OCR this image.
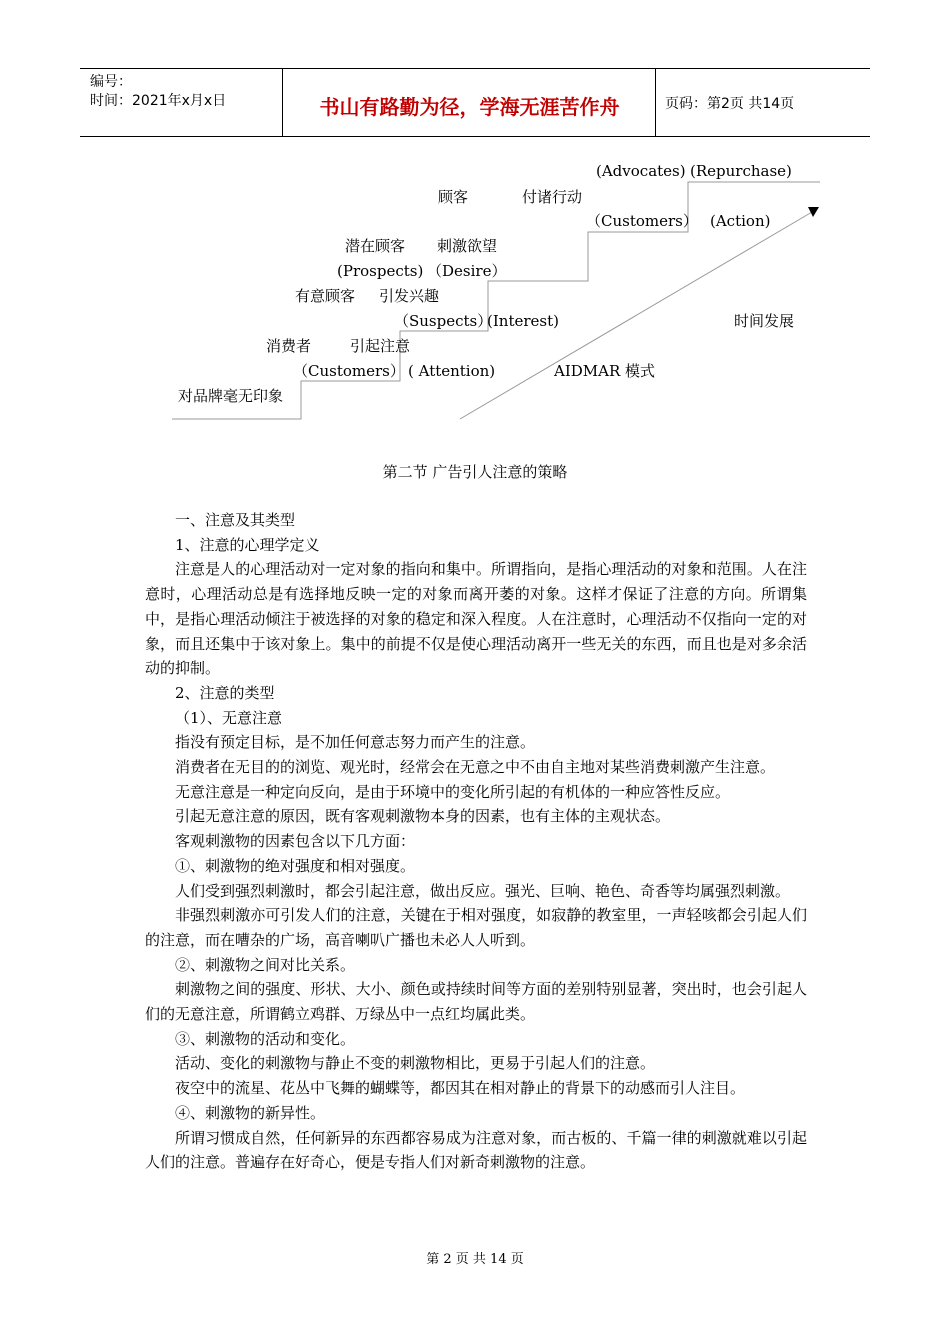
编号：
时间：2021年x月x日	书山有路勤为径，学海无涯苦作舟	页码：第2页 共14页
(Advocates) (Repurchase)
顾客	付诸行动
（Customers） (Action)
潜在顾客 刺激欲望
(Prospects) （Desire）
有意顾客 引发兴趣
（Suspects）
(Interest)	时间发展
消费者	引起注意
（Customers） ( Attention)	AIDMAR 模式
对品牌毫无印象
第二节 广告引人注意的策略

一、注意及其类型

1、注意的心理学定义

注意是人的心理活动对一定对象的指向和集中。所谓指向，是指心理活动的对象和范围。人在注意时，心理活动总是有选择地反映一定的对象而离开萎的对象。这样才保证了注意的方向。所谓集中，是指心理活动倾注于被选择的对象的稳定和深入程度。人在注意时，心理活动不仅指向一定的对象，而且还集中于该对象上。集中的前提不仅是使心理活动离开一些无关的东西，而且也是对多余活动的抑制。

2、注意的类型

（1）、无意注意

指没有预定目标，是不加任何意志努力而产生的注意。

消费者在无目的的浏览、观光时，经常会在无意之中不由自主地对某些消费刺激产生注意。

无意注意是一种定向反向，是由于环境中的变化所引起的有机体的一种应答性反应。

引起无意注意的原因，既有客观刺激物本身的因素，也有主体的主观状态。

客观刺激物的因素包含以下几方面：

①、刺激物的绝对强度和相对强度。

人们受到强烈刺激时，都会引起注意，做出反应。强光、巨响、艳色、奇香等均属强烈刺激。

非强烈刺激亦可引发人们的注意，关键在于相对强度，如寂静的教室里，一声轻咳都会引起人们的注意，而在嘈杂的广场，高音喇叭广播也未必人人听到。

②、刺激物之间对比关系。

刺激物之间的强度、形状、大小、颜色或持续时间等方面的差别特别显著，突出时，也会引起人们的无意注意，所谓鹤立鸡群、万绿丛中一点红均属此类。

③、刺激物的活动和变化。

活动、变化的刺激物与静止不变的刺激物相比，更易于引起人们的注意。

夜空中的流星、花丛中飞舞的蝴蝶等，都因其在相对静止的背景下的动感而引人注目。

④、刺激物的新异性。

所谓习惯成自然，任何新异的东西都容易成为注意对象，而古板的、千篇一律的刺激就难以引起人们的注意。普遍存在好奇心，便是专指人们对新奇刺激物的注意。

第 2 页 共 14 页
